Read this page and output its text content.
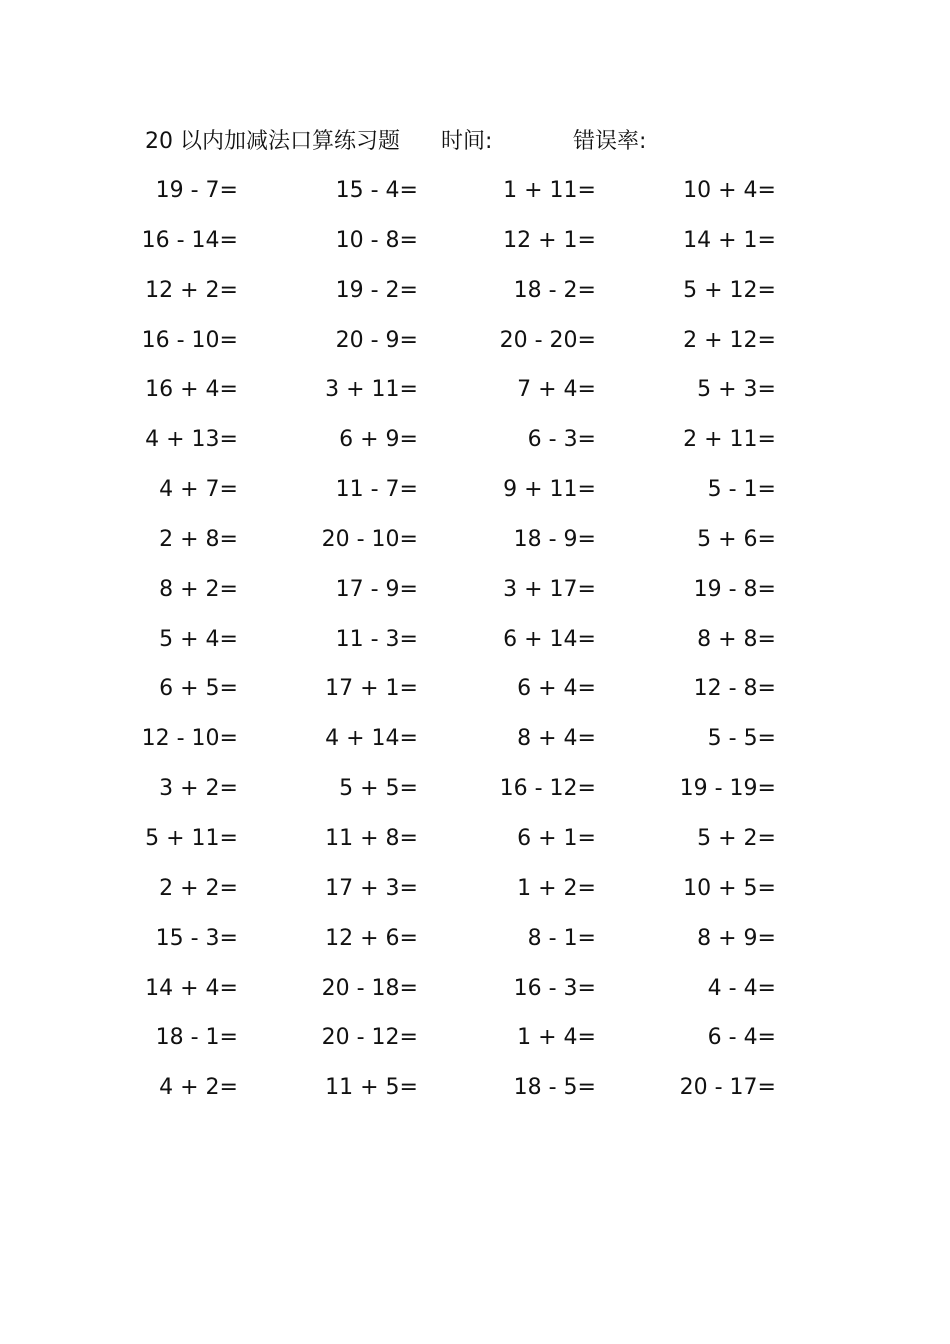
20 以内加减法口算练习题 时间:	错误率:
19 - 7=	15 - 4=	1 + 11=	10 + 4=
16 - 14=	10 - 8=	12 + 1=	14 + 1=
12 + 2=	19 - 2=	18 - 2=	5 + 12=
16 - 10=	20 - 9=	20 - 20=	2 + 12=
16 + 4=	3 + 11=	7 + 4=	5 + 3=
4 + 13=	6 + 9=	6 - 3=	2 + 11=
4 + 7=	11 - 7=	9 + 11=	5 - 1=
2 + 8=	20 - 10=	18 - 9=	5 + 6=
8 + 2=	17 - 9=	3 + 17=	19 - 8=
5 + 4=	11 - 3=	6 + 14=	8 + 8=
6 + 5=	17 + 1=	6 + 4=	12 - 8=
12 - 10=	4 + 14=	8 + 4=	5 - 5=
3 + 2=	5 + 5=	16 - 12=	19 - 19=
5 + 11=	11 + 8=	6 + 1=	5 + 2=
2 + 2=	17 + 3=	1 + 2=	10 + 5=
15 - 3=	12 + 6=	8 - 1=	8 + 9=
14 + 4=	20 - 18=	16 - 3=	4 - 4=
18 - 1=	20 - 12=	1 + 4=	6 - 4=
4 + 2=	11 + 5=	18 - 5=	20 - 17=
